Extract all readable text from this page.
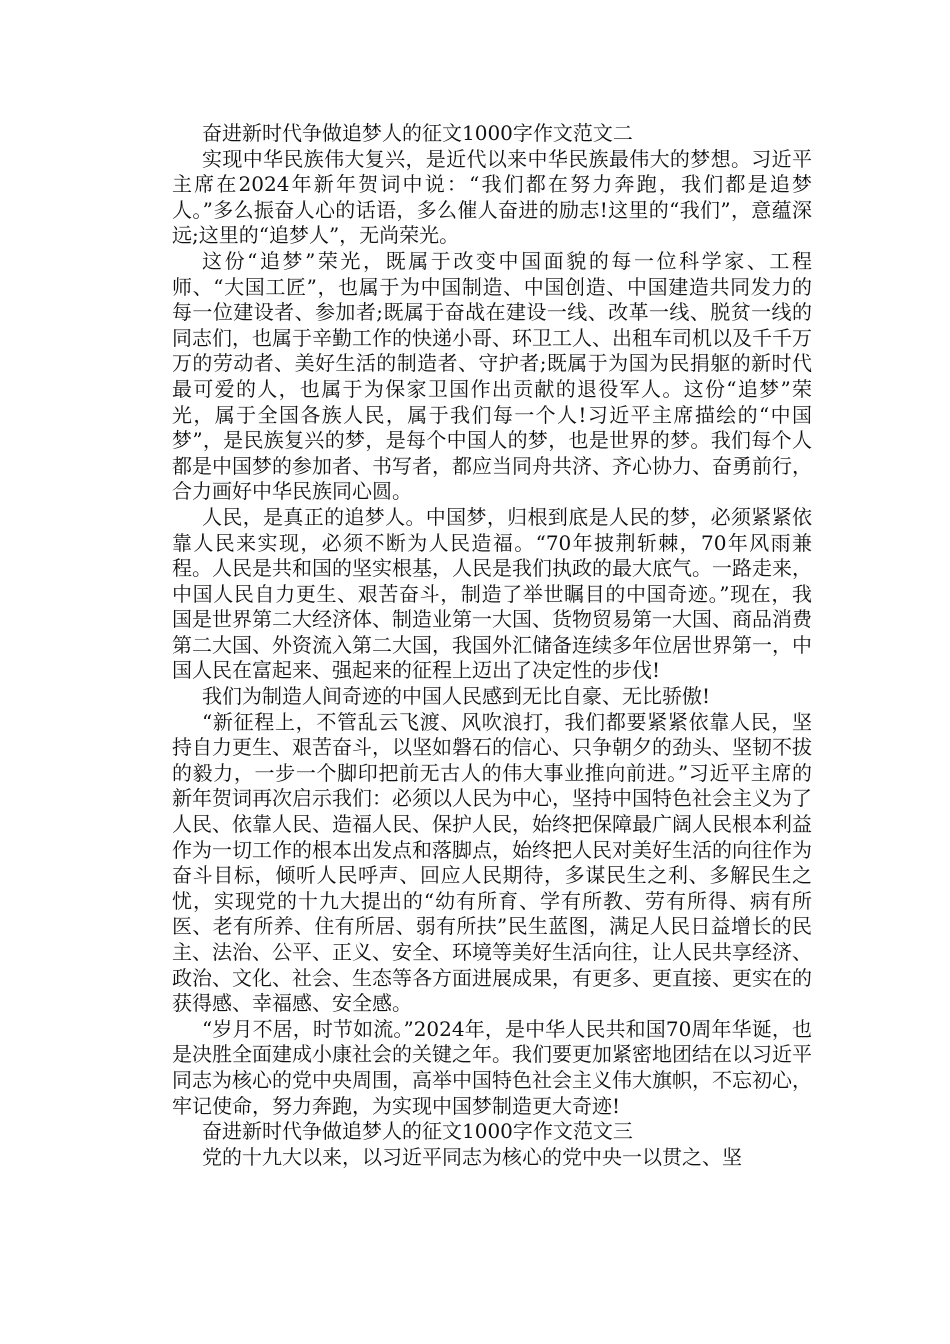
奋进新时代争做追梦人的征文1000字作文范文二

实现中华民族伟大复兴，是近代以来中华民族最伟大的梦想。习近平主席在2024年新年贺词中说：“我们都在努力奔跑，我们都是追梦人。”多么振奋人心的话语，多么催人奋进的励志!这里的“我们”，意蕴深远;这里的“追梦人”，无尚荣光。

这份“追梦”荣光，既属于改变中国面貌的每一位科学家、工程师、“大国工匠”，也属于为中国制造、中国创造、中国建造共同发力的每一位建设者、参加者;既属于奋战在建设一线、改革一线、脱贫一线的同志们，也属于辛勤工作的快递小哥、环卫工人、出租车司机以及千千万万的劳动者、美好生活的制造者、守护者;既属于为国为民捐躯的新时代最可爱的人，也属于为保家卫国作出贡献的退役军人。这份“追梦”荣光，属于全国各族人民，属于我们每一个人!习近平主席描绘的“中国梦”，是民族复兴的梦，是每个中国人的梦，也是世界的梦。我们每个人都是中国梦的参加者、书写者，都应当同舟共济、齐心协力、奋勇前行，合力画好中华民族同心圆。

人民，是真正的追梦人。中国梦，归根到底是人民的梦，必须紧紧依靠人民来实现，必须不断为人民造福。“70年披荆斩棘，70年风雨兼程。人民是共和国的坚实根基，人民是我们执政的最大底气。一路走来，中国人民自力更生、艰苦奋斗，制造了举世瞩目的中国奇迹。”现在，我国是世界第二大经济体、制造业第一大国、货物贸易第一大国、商品消费第二大国、外资流入第二大国，我国外汇储备连续多年位居世界第一，中国人民在富起来、强起来的征程上迈出了决定性的步伐!

我们为制造人间奇迹的中国人民感到无比自豪、无比骄傲!

“新征程上，不管乱云飞渡、风吹浪打，我们都要紧紧依靠人民，坚持自力更生、艰苦奋斗，以坚如磐石的信心、只争朝夕的劲头、坚韧不拔的毅力，一步一个脚印把前无古人的伟大事业推向前进。”习近平主席的新年贺词再次启示我们：必须以人民为中心，坚持中国特色社会主义为了人民、依靠人民、造福人民、保护人民，始终把保障最广阔人民根本利益作为一切工作的根本出发点和落脚点，始终把人民对美好生活的向往作为奋斗目标，倾听人民呼声、回应人民期待，多谋民生之利、多解民生之忧，实现党的十九大提出的“幼有所育、学有所教、劳有所得、病有所医、老有所养、住有所居、弱有所扶”民生蓝图，满足人民日益增长的民主、法治、公平、正义、安全、环境等美好生活向往，让人民共享经济、政治、文化、社会、生态等各方面进展成果，有更多、更直接、更实在的获得感、幸福感、安全感。

“岁月不居，时节如流。”2024年，是中华人民共和国70周年华诞，也是决胜全面建成小康社会的关键之年。我们要更加紧密地团结在以习近平同志为核心的党中央周围，高举中国特色社会主义伟大旗帜，不忘初心，牢记使命，努力奔跑，为实现中国梦制造更大奇迹!

奋进新时代争做追梦人的征文1000字作文范文三

党的十九大以来，以习近平同志为核心的党中央一以贯之、坚
